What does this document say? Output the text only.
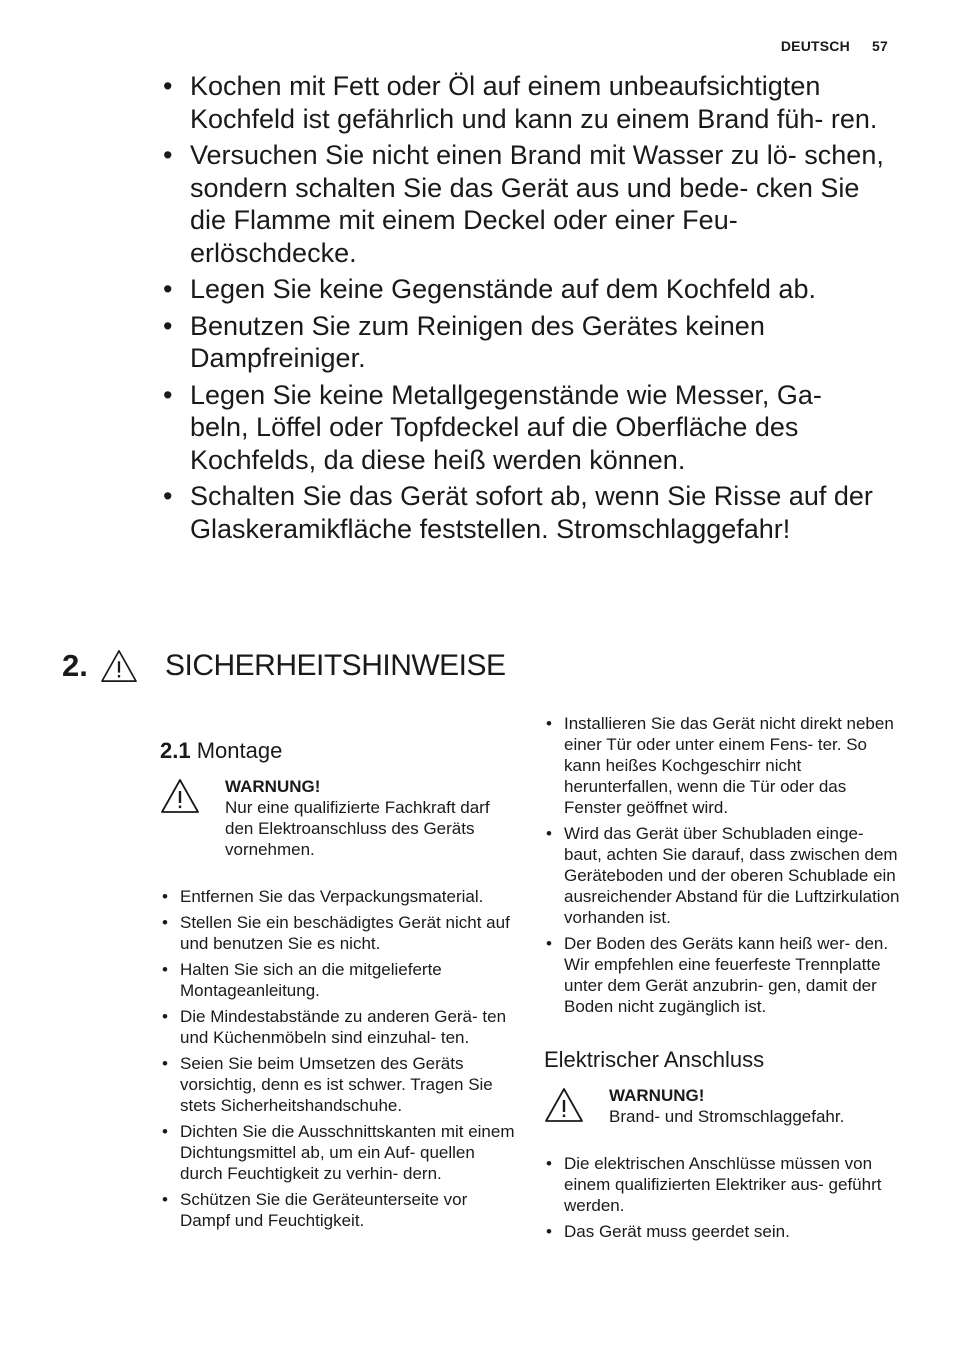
DEUTSCH 57
• Kochen mit Fett oder Öl auf einem unbeaufsichtigten Kochfeld ist gefährlich und kann zu einem Brand füh- ren.
• Versuchen Sie nicht einen Brand mit Wasser zu lö- schen, sondern schalten Sie das Gerät aus und bede- cken Sie die Flamme mit einem Deckel oder einer Feu- erlöschdecke.
• Legen Sie keine Gegenstände auf dem Kochfeld ab.
• Benutzen Sie zum Reinigen des Gerätes keinen Dampfreiniger.
• Legen Sie keine Metallgegenstände wie Messer, Ga- beln, Löffel oder Topfdeckel auf die Oberfläche des Kochfelds, da diese heiß werden können.
• Schalten Sie das Gerät sofort ab, wenn Sie Risse auf der Glaskeramikfläche feststellen. Stromschlaggefahr!
2.	SICHERHEITSHINWEISE
2.1 Montage
WARNUNG!
Nur eine qualifizierte Fachkraft darf den Elektroanschluss des Geräts vornehmen.
• Entfernen Sie das Verpackungsmaterial.
• Stellen Sie ein beschädigtes Gerät nicht auf und benutzen Sie es nicht.
• Halten Sie sich an die mitgelieferte Montageanleitung.
• Die Mindestabstände zu anderen Gerä- ten und Küchenmöbeln sind einzuhal- ten.
• Seien Sie beim Umsetzen des Geräts vorsichtig, denn es ist schwer. Tragen Sie stets Sicherheitshandschuhe.
• Dichten Sie die Ausschnittskanten mit einem Dichtungsmittel ab, um ein Auf- quellen durch Feuchtigkeit zu verhin- dern.
• Schützen Sie die Geräteunterseite vor Dampf und Feuchtigkeit.
• Installieren Sie das Gerät nicht direkt neben einer Tür oder unter einem Fens- ter. So kann heißes Kochgeschirr nicht herunterfallen, wenn die Tür oder das Fenster geöffnet wird.
• Wird das Gerät über Schubladen einge- baut, achten Sie darauf, dass zwischen dem Geräteboden und der oberen Schublade ein ausreichender Abstand für die Luftzirkulation vorhanden ist.
• Der Boden des Geräts kann heiß wer- den. Wir empfehlen eine feuerfeste Trennplatte unter dem Gerät anzubrin- gen, damit der Boden nicht zugänglich ist.
Elektrischer Anschluss
WARNUNG!
Brand- und Stromschlaggefahr.
• Die elektrischen Anschlüsse müssen von einem qualifizierten Elektriker aus- geführt werden.
• Das Gerät muss geerdet sein.
